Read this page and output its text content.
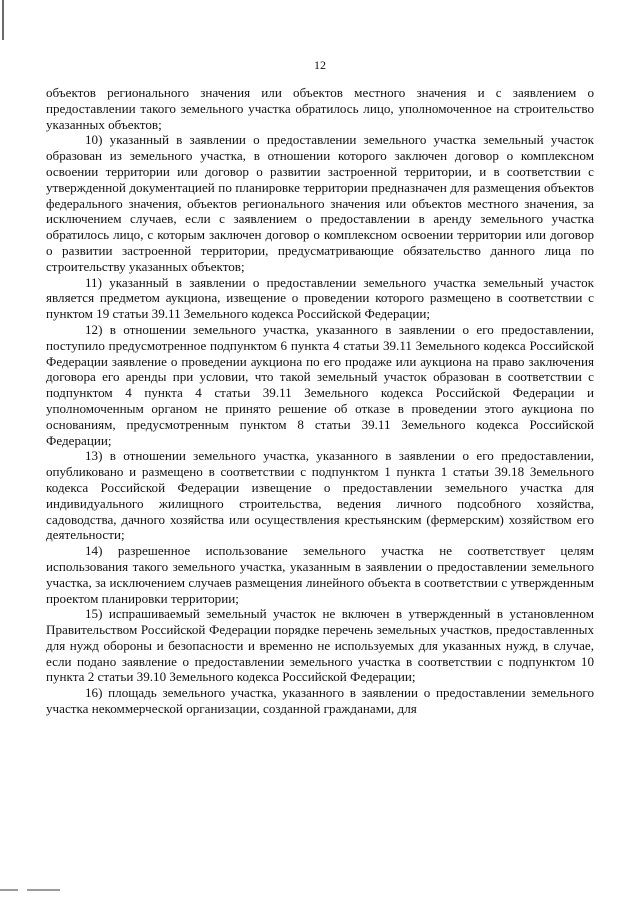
12

объектов регионального значения или объектов местного значения и с заявлением о предоставлении такого земельного участка обратилось лицо, уполномоченное на строительство указанных объектов;

10) указанный в заявлении о предоставлении земельного участка земельный участок образован из земельного участка, в отношении которого заключен договор о комплексном освоении территории или договор о развитии застроенной территории, и в соответствии с утвержденной документацией по планировке территории предназначен для размещения объектов федерального значения, объектов регионального значения или объектов местного значения, за исключением случаев, если с заявлением о предоставлении в аренду земельного участка обратилось лицо, с которым заключен договор о комплексном освоении территории или договор о развитии застроенной территории, предусматривающие обязательство данного лица по строительству указанных объектов;

11) указанный в заявлении о предоставлении земельного участка земельный участок является предметом аукциона, извещение о проведении которого размещено в соответствии с пунктом 19 статьи 39.11 Земельного кодекса Российской Федерации;

12) в отношении земельного участка, указанного в заявлении о его предоставлении, поступило предусмотренное подпунктом 6 пункта 4 статьи 39.11 Земельного кодекса Российской Федерации заявление о проведении аукциона по его продаже или аукциона на право заключения договора его аренды при условии, что такой земельный участок образован в соответствии с подпунктом 4 пункта 4 статьи 39.11 Земельного кодекса Российской Федерации и уполномоченным органом не принято решение об отказе в проведении этого аукциона по основаниям, предусмотренным пунктом 8 статьи 39.11 Земельного кодекса Российской Федерации;

13) в отношении земельного участка, указанного в заявлении о его предоставлении, опубликовано и размещено в соответствии с подпунктом 1 пункта 1 статьи 39.18 Земельного кодекса Российской Федерации извещение о предоставлении земельного участка для индивидуального жилищного строительства, ведения личного подсобного хозяйства, садоводства, дачного хозяйства или осуществления крестьянским (фермерским) хозяйством его деятельности;

14) разрешенное использование земельного участка не соответствует целям использования такого земельного участка, указанным в заявлении о предоставлении земельного участка, за исключением случаев размещения линейного объекта в соответствии с утвержденным проектом планировки территории;

15) испрашиваемый земельный участок не включен в утвержденный в установленном Правительством Российской Федерации порядке перечень земельных участков, предоставленных для нужд обороны и безопасности и временно не используемых для указанных нужд, в случае, если подано заявление о предоставлении земельного участка в соответствии с подпунктом 10 пункта 2 статьи 39.10 Земельного кодекса Российской Федерации;

16) площадь земельного участка, указанного в заявлении о предоставлении земельного участка некоммерческой организации, созданной гражданами, для
